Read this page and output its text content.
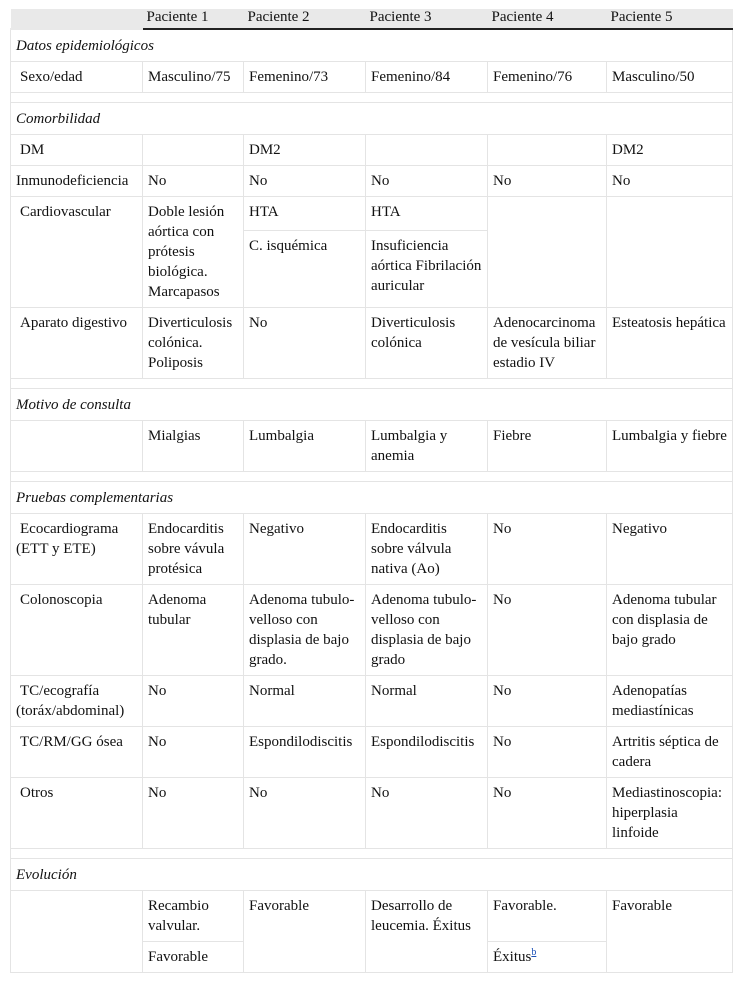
	Paciente 1	Paciente 2	Paciente 3	Paciente 4	Paciente 5
Datos epidemiológicos					
Sexo/edad	Masculino/75	Femenino/73	Femenino/84	Femenino/76	Masculino/50

Comorbilidad					
DM		DM2			DM2
Inmunodeficiencia	No	No	No	No	No
Cardiovascular	Doble lesión aórtica con prótesis biológica. Marcapasos	HTA	HTA		
		C. isquémica	Insuficiencia aórtica Fibrilación auricular		
Aparato digestivo	Diverticulosis colónica. Poliposis	No	Diverticulosis colónica	Adenocarcinoma de vesícula biliar estadio IV	Esteatosis hepática

Motivo de consulta					
	Mialgias	Lumbalgia	Lumbalgia y anemia	Fiebre	Lumbalgia y fiebre

Pruebas complementarias					
Ecocardiograma (ETT y ETE)	Endocarditis sobre vávula protésica	Negativo	Endocarditis sobre válvula nativa (Ao)	No	Negativo
Colonoscopia	Adenoma tubular	Adenoma tubulo-velloso con displasia de bajo grado.	Adenoma tubulo-velloso con displasia de bajo grado	No	Adenoma tubular con displasia de bajo grado
TC/ecografía (toráx/abdominal)	No	Normal	Normal	No	Adenopatías mediastínicas
TC/RM/GG ósea	No	Espondilodiscitis	Espondilodiscitis	No	Artritis séptica de cadera
Otros	No	No	No	No	Mediastinoscopia: hiperplasia linfoide

Evolución					
	Recambio valvular.	Favorable	Desarrollo de leucemia. Éxitus	Favorable.	Favorable
	Favorable			Éxitus$^b$
